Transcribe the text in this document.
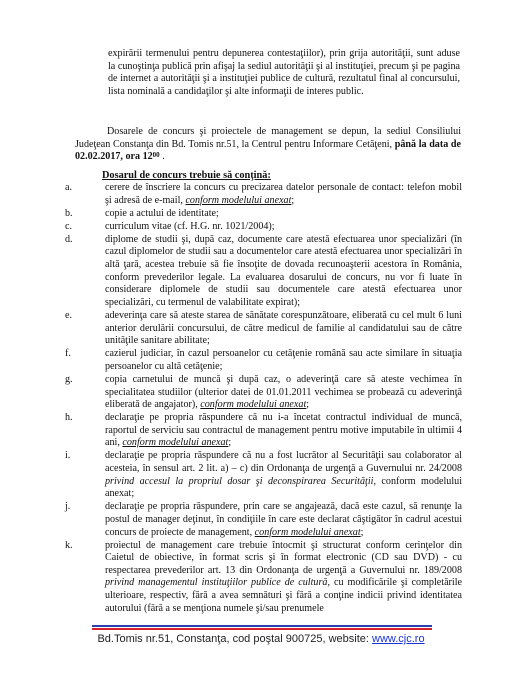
expirării termenului pentru depunerea contestaţiilor), prin grija autorităţii, sunt aduse la cunoştinţa publică prin afişaj la sediul autorităţii şi al instituţiei, precum şi pe pagina de internet a autorităţii şi a instituţiei publice de cultură, rezultatul final al concursului, lista nominală a candidaţilor şi alte informaţii de interes public.
Dosarele de concurs şi proiectele de management se depun, la sediul Consiliului Judeţean Constanţa din Bd. Tomis nr.51, la Centrul pentru Informare Cetăţeni, până la data de 02.02.2017, ora $12^{00}$ .
Dosarul de concurs trebuie să conţină:
a.	cerere de înscriere la concurs cu precizarea datelor personale de contact: telefon mobil şi adresă de e-mail, conform modelului anexat;
b.	copie a actului de identitate;
c.	curriculum vitae (cf. H.G. nr. 1021/2004);
d.	diplome de studii şi, după caz, documente care atestă efectuarea unor specializări (în cazul diplomelor de studii sau a documentelor care atestă efectuarea unor specializări în altă ţară, acestea trebuie să fie însoţite de dovada recunoaşterii acestora în România, conform prevederilor legale. La evaluarea dosarului de concurs, nu vor fi luate în considerare diplomele de studii sau documentele care atestă efectuarea unor specializări, cu termenul de valabilitate expirat);
e.	adeverinţa care să ateste starea de sănătate corespunzătoare, eliberată cu cel mult 6 luni anterior derulării concursului, de către medicul de familie al candidatului sau de către unităţile sanitare abilitate;
f.	cazierul judiciar, în cazul persoanelor cu cetăţenie română sau acte similare în situaţia persoanelor cu altă cetăţenie;
g.	copia carnetului de muncă şi după caz, o adeverinţă care să ateste vechimea în specialitatea studiilor (ulterior datei de 01.01.2011 vechimea se probează cu adeverinţă eliberată de angajator), conform modelului anexat;
h.	declaraţie pe propria răspundere că nu i-a încetat contractul individual de muncă, raportul de serviciu sau contractul de management pentru motive imputabile în ultimii 4 ani, conform modelului anexat;
i.	declaraţie pe propria răspundere că nu a fost lucrător al Securităţii sau colaborator al acesteia, în sensul art. 2 lit. a) – c) din Ordonanţa de urgenţă a Guvernului nr. 24/2008 privind accesul la propriul dosar şi deconspirarea Securităţii, conform modelului anexat;
j.	declaraţie pe propria răspundere, prin care se angajează, dacă este cazul, să renunţe la postul de manager deţinut, în condiţiile în care este declarat câştigător în cadrul acestui concurs de proiecte de management, conform modelului anexat;
k.	proiectul de management care trebuie întocmit şi structurat conform cerinţelor din Caietul de obiective, în format scris şi în format electronic (CD sau DVD) - cu respectarea prevederilor art. 13 din Ordonanţa de urgenţă a Guvernului nr. 189/2008 privind managementul instituţiilor publice de cultură, cu modificările şi completările ulterioare, respectiv, fără a avea semnături şi fără a conţine indicii privind identitatea autorului (fără a se menţiona numele şi/sau prenumele
Bd.Tomis nr.51, Constanţa, cod poştal 900725, website: www.cjc.ro
